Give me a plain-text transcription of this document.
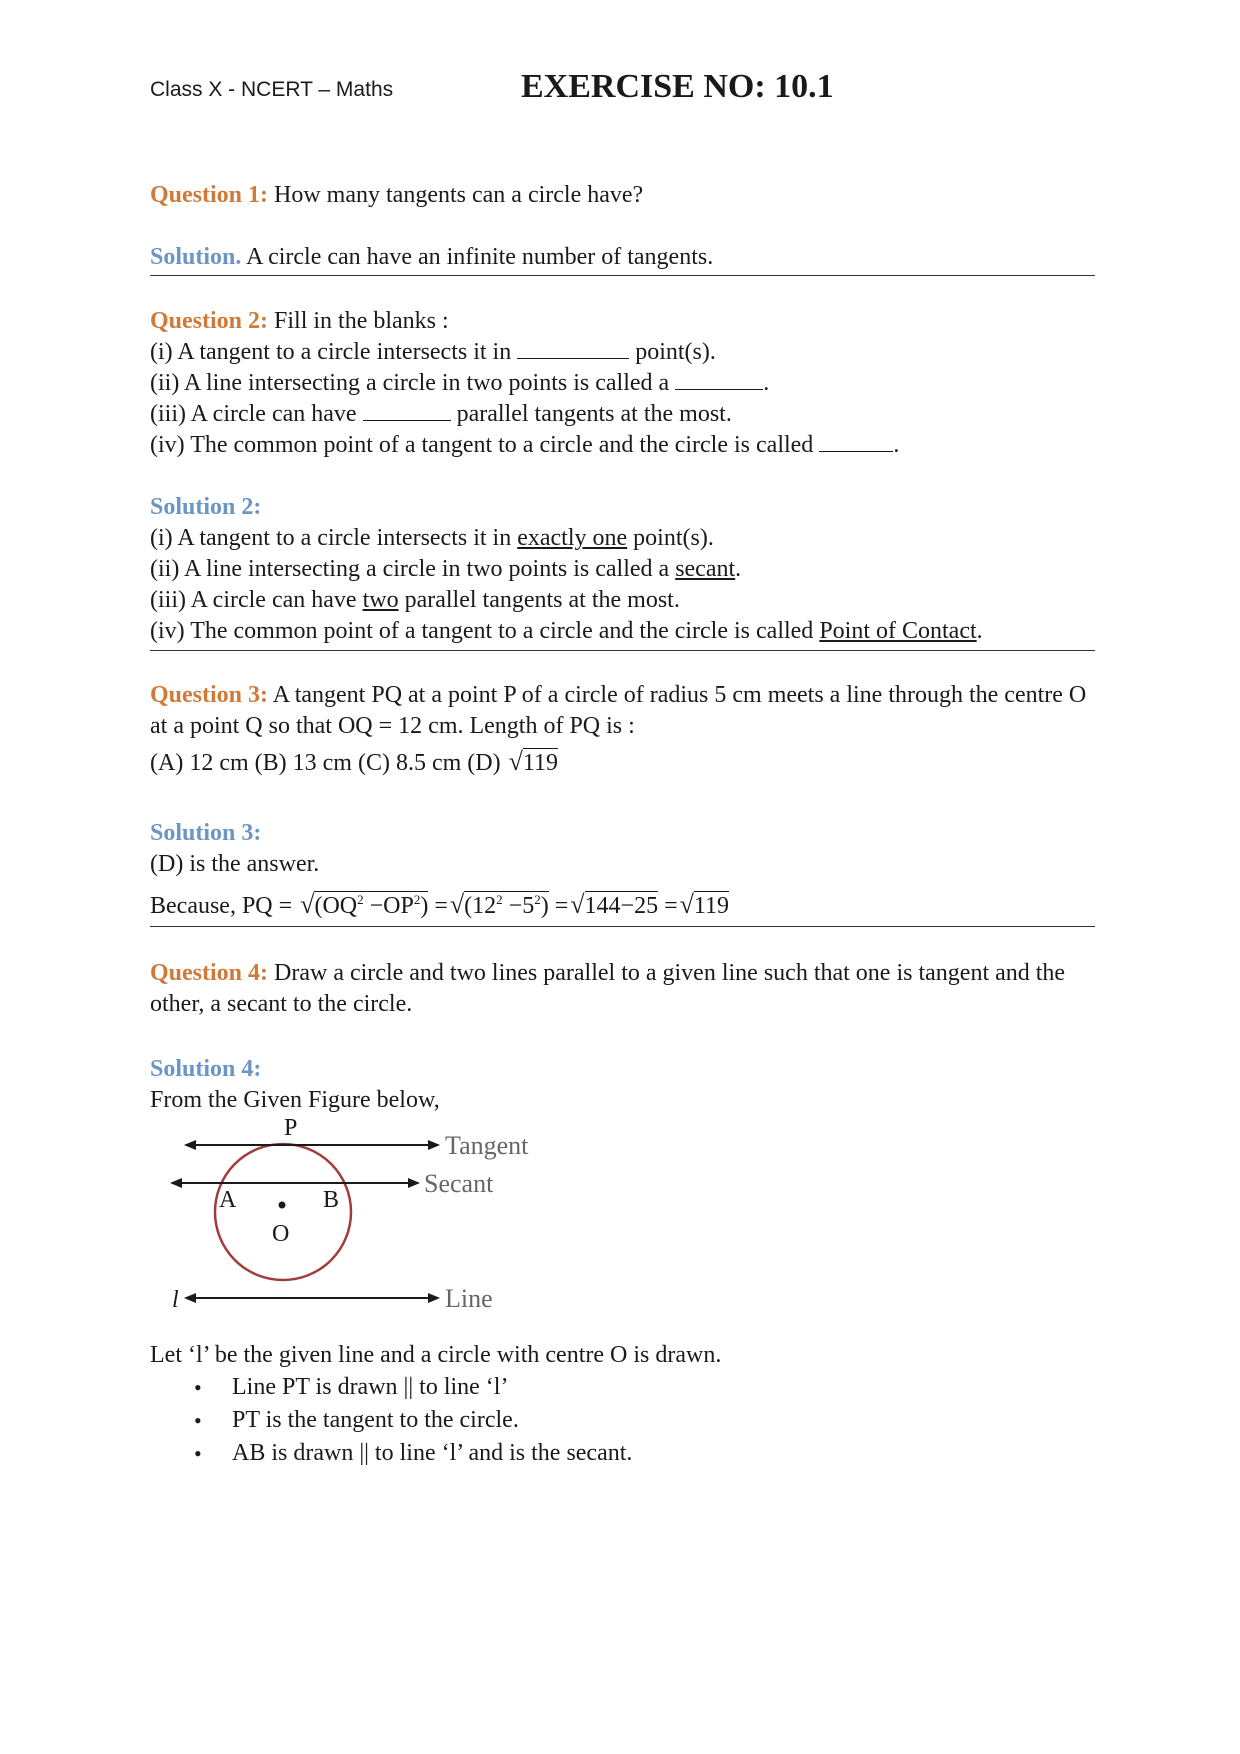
Class X - NCERT – Maths	EXERCISE NO: 10.1
Question 1: How many tangents can a circle have?
Solution. A circle can have an infinite number of tangents.
Question 2: Fill in the blanks :
(i) A tangent to a circle intersects it in	point(s).
(ii) A line intersecting a circle in two points is called a	.
(iii) A circle can have	parallel tangents at the most.
(iv) The common point of a tangent to a circle and the circle is called	.
Solution 2:
(i) A tangent to a circle intersects it in exactly one point(s).
(ii) A line intersecting a circle in two points is called a secant.
(iii) A circle can have two parallel tangents at the most.
(iv) The common point of a tangent to a circle and the circle is called Point of Contact.
Question 3: A tangent PQ at a point P of a circle of radius 5 cm meets a line through the centre O at a point Q so that OQ = 12 cm. Length of PQ is :
(A) 12 cm (B) 13 cm (C) 8.5 cm (D) √119
Solution 3:
(D) is the answer.
Because, PQ = $√(OQ^2 -OP^2) =√(12^2 -5^2) =√144-25 =√119$
Question 4: Draw a circle and two lines parallel to a given line such that one is tangent and the other, a secant to the circle.
Solution 4:
From the Given Figure below,
P
A	B
O
l
Tangent
Secant
Line
Let ‘l’ be the given line and a circle with centre O is drawn.
• Line PT is drawn || to line ‘l’
• PT is the tangent to the circle.
• AB is drawn || to line ‘l’ and is the secant.
